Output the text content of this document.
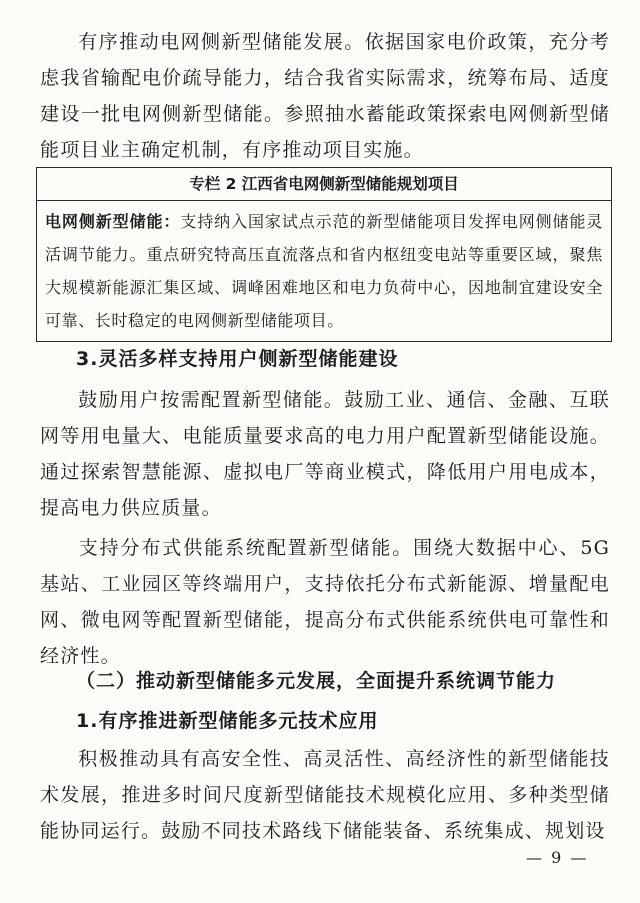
有序推动电网侧新型储能发展。依据国家电价政策，充分考虑我省输配电价疏导能力，结合我省实际需求，统筹布局、适度建设一批电网侧新型储能。参照抽水蓄能政策探索电网侧新型储能项目业主确定机制，有序推动项目实施。

专栏 2 江西省电网侧新型储能规划项目
电网侧新型储能：支持纳入国家试点示范的新型储能项目发挥电网侧储能灵活调节能力。重点研究特高压直流落点和省内枢纽变电站等重要区域，聚焦大规模新能源汇集区域、调峰困难地区和电力负荷中心，因地制宜建设安全可靠、长时稳定的电网侧新型储能项目。
3.灵活多样支持用户侧新型储能建设

鼓励用户按需配置新型储能。鼓励工业、通信、金融、互联网等用电量大、电能质量要求高的电力用户配置新型储能设施。通过探索智慧能源、虚拟电厂等商业模式，降低用户用电成本，提高电力供应质量。

支持分布式供能系统配置新型储能。围绕大数据中心、5G基站、工业园区等终端用户，支持依托分布式新能源、增量配电网、微电网等配置新型储能，提高分布式供能系统供电可靠性和经济性。

（二）推动新型储能多元发展，全面提升系统调节能力
1.有序推进新型储能多元技术应用

积极推动具有高安全性、高灵活性、高经济性的新型储能技术发展，推进多时间尺度新型储能技术规模化应用、多种类型储能协同运行。鼓励不同技术路线下储能装备、系统集成、规划设

— 9 —
